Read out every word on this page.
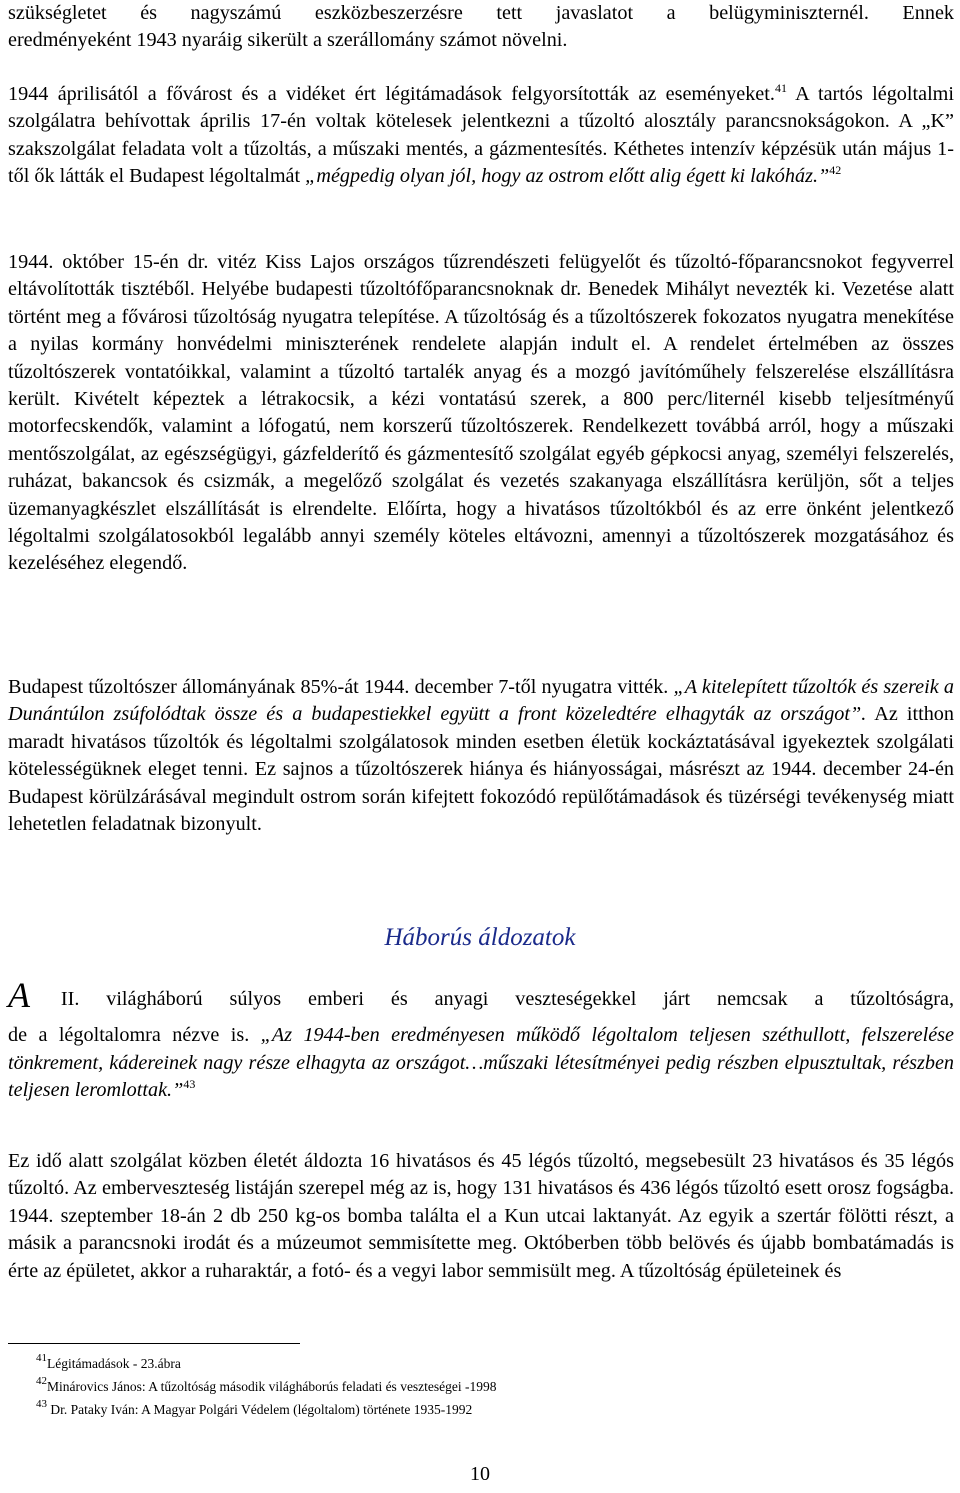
szükségletet és nagyszámú eszközbeszerzésre tett javaslatot a belügyminiszternél. Ennek

eredményeként 1943 nyaráig sikerült a szerállomány számot növelni.

1944 áprilisától a fővárost és a vidéket ért légitámadások felgyorsították az eseményeket.$^{41}$ A tartós légoltalmi szolgálatra behívottak április 17-én voltak kötelesek jelentkezni a tűzoltó alosztály parancsnokságokon. A „K” szakszolgálat feladata volt a tűzoltás, a műszaki mentés, a gázmentesítés. Kéthetes intenzív képzésük után május 1-től ők látták el Budapest légoltalmát „mégpedig olyan jól, hogy az ostrom előtt alig égett ki lakóház.”$^{42}$

1944. október 15-én dr. vitéz Kiss Lajos országos tűzrendészeti felügyelőt és tűzoltó-főparancsnokot fegyverrel eltávolították tisztéből. Helyébe budapesti tűzoltófőparancsnoknak dr. Benedek Mihályt nevezték ki. Vezetése alatt történt meg a fővárosi tűzoltóság nyugatra telepítése. A tűzoltóság és a tűzoltószerek fokozatos nyugatra menekítése a nyilas kormány honvédelmi miniszterének rendelete alapján indult el. A rendelet értelmében az összes tűzoltószerek vontatóikkal, valamint a tűzoltó tartalék anyag és a mozgó javítóműhely felszerelése elszállításra került. Kivételt képeztek a létrakocsik, a kézi vontatású szerek, a 800 perc/liternél kisebb teljesítményű motorfecskendők, valamint a lófogatú, nem korszerű tűzoltószerek. Rendelkezett továbbá arról, hogy a műszaki mentőszolgálat, az egészségügyi, gázfelderítő és gázmentesítő szolgálat egyéb gépkocsi anyag, személyi felszerelés, ruházat, bakancsok és csizmák, a megelőző szolgálat és vezetés szakanyaga elszállításra kerüljön, sőt a teljes üzemanyagkészlet elszállítását is elrendelte. Előírta, hogy a hivatásos tűzoltókból és az erre önként jelentkező légoltalmi szolgálatosokból legalább annyi személy köteles eltávozni, amennyi a tűzoltószerek mozgatásához és kezeléséhez elegendő.

Budapest tűzoltószer állományának 85%-át 1944. december 7-től nyugatra vitték. „A kitelepített tűzoltók és szereik a Dunántúlon zsúfolódtak össze és a budapestiekkel együtt a front közeledtére elhagyták az országot”. Az itthon maradt hivatásos tűzoltók és légoltalmi szolgálatosok minden esetben életük kockáztatásával igyekeztek szolgálati kötelességüknek eleget tenni. Ez sajnos a tűzoltószerek hiánya és hiányosságai, másrészt az 1944. december 24-én Budapest körülzárásával megindult ostrom során kifejtett fokozódó repülőtámadások és tüzérségi tevékenység miatt lehetetlen feladatnak bizonyult.

Háborús áldozatok

A II. világháború súlyos emberi és anyagi veszteségekkel járt nemcsak a tűzoltóságra,

de a légoltalomra nézve is. „Az 1944-ben eredményesen működő légoltalom teljesen széthullott, felszerelése tönkrement, kádereinek nagy része elhagyta az országot…műszaki létesítményei pedig részben elpusztultak, részben teljesen leromlottak.”$^{43}$

Ez idő alatt szolgálat közben életét áldozta 16 hivatásos és 45 légós tűzoltó, megsebesült 23 hivatásos és 35 légós tűzoltó. Az emberveszteség listáján szerepel még az is, hogy 131 hivatásos és 436 légós tűzoltó esett orosz fogságba. 1944. szeptember 18-án 2 db 250 kg-os bomba találta el a Kun utcai laktanyát. Az egyik a szertár fölötti részt, a másik a parancsnoki irodát és a múzeumot semmisítette meg. Októberben több belövés és újabb bombatámadás is érte az épületet, akkor a ruharaktár, a fotó- és a vegyi labor semmisült meg. A tűzoltóság épületeinek és

$^{41}$Légitámadások - 23.ábra
$^{42}$Minárovics János: A tűzoltóság második világháborús feladati és veszteségei -1998
$^{43}$ Dr. Pataky Iván: A Magyar Polgári Védelem (légoltalom) története 1935-1992
10
